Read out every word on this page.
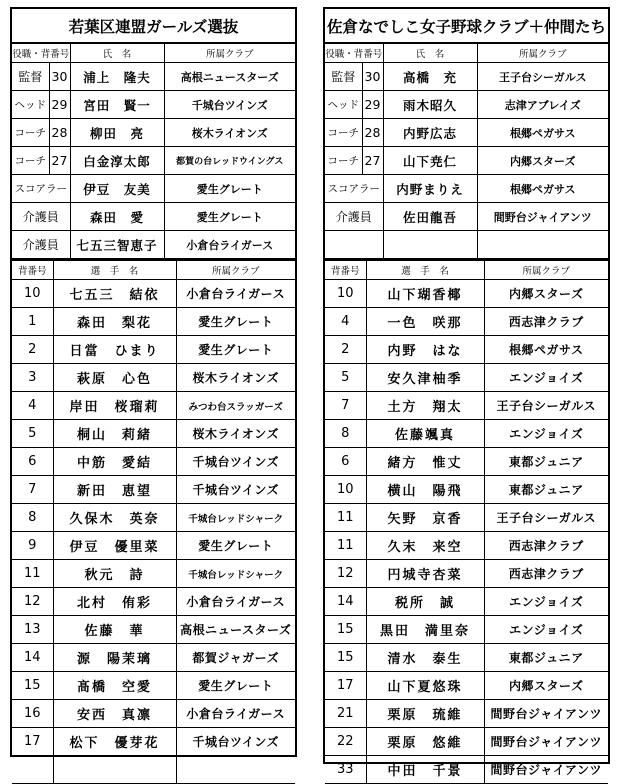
若葉区連盟ガールズ選抜
役職・背番号		氏　名	所属クラブ
監督	30	浦上　隆夫	高根ニュースターズ
ヘッド	29	宮田　賢一	千城台ツインズ
コーチ	28	柳田　亮	桜木ライオンズ
コーチ	27	白金淳太郎	都賀の台レッドウイングス
スコアラー		伊豆　友美	愛生グレート
介護員		森田　愛	愛生グレート
介護員		七五三智恵子	小倉台ライガース
背番号	選　手　名	所属クラブ
10	七五三　結依	小倉台ライガース
1	森田　梨花	愛生グレート
2	日當　ひまり	愛生グレート
3	萩原　心色	桜木ライオンズ
4	岸田　桜瑠莉	みつわ台スラッガーズ
5	桐山　莉緒	桜木ライオンズ
6	中筋　愛結	千城台ツインズ
7	新田　恵望	千城台ツインズ
8	久保木　英奈	千城台レッドシャーク
9	伊豆　優里菜	愛生グレート
11	秋元　詩	千城台レッドシャーク
12	北村　侑彩	小倉台ライガース
13	佐藤　華	高根ニュースターズ
14	源　陽茉璃	都賀ジャガーズ
15	髙橋　空愛	愛生グレート
16	安西　真凛	小倉台ライガース
17	松下　優芽花	千城台ツインズ

佐倉なでしこ女子野球クラブ＋仲間たち
役職・背番号		氏　名	所属クラブ
監督	30	高橋　充	王子台シーガルス
ヘッド	29	雨木昭久	志津アブレイズ
コーチ	28	内野広志	根郷ペガサス
コーチ	27	山下尭仁	内郷スターズ
スコアラー		内野まりえ	根郷ペガサス
介護員		佐田龍吾	間野台ジャイアンツ

背番号	選　手　名	所属クラブ
10	山下瑚香椰	内郷スターズ
4	一色　咲那	西志津クラブ
2	内野　はな	根郷ペガサス
5	安久津柚季	エンジョイズ
7	土方　翔太	王子台シーガルス
8	佐藤颯真	エンジョイズ
6	緒方　惟丈	東都ジュニア
10	横山　陽飛	東都ジュニア
11	矢野　京香	王子台シーガルス
11	久末　来空	西志津クラブ
12	円城寺杏菜	西志津クラブ
14	税所　誠	エンジョイズ
15	黒田　満里奈	エンジョイズ
15	清水　泰生	東都ジュニア
17	山下夏悠珠	内郷スターズ
21	栗原　琉維	間野台ジャイアンツ
22	栗原　悠維	間野台ジャイアンツ
33	中田　千景	間野台ジャイアンツ
